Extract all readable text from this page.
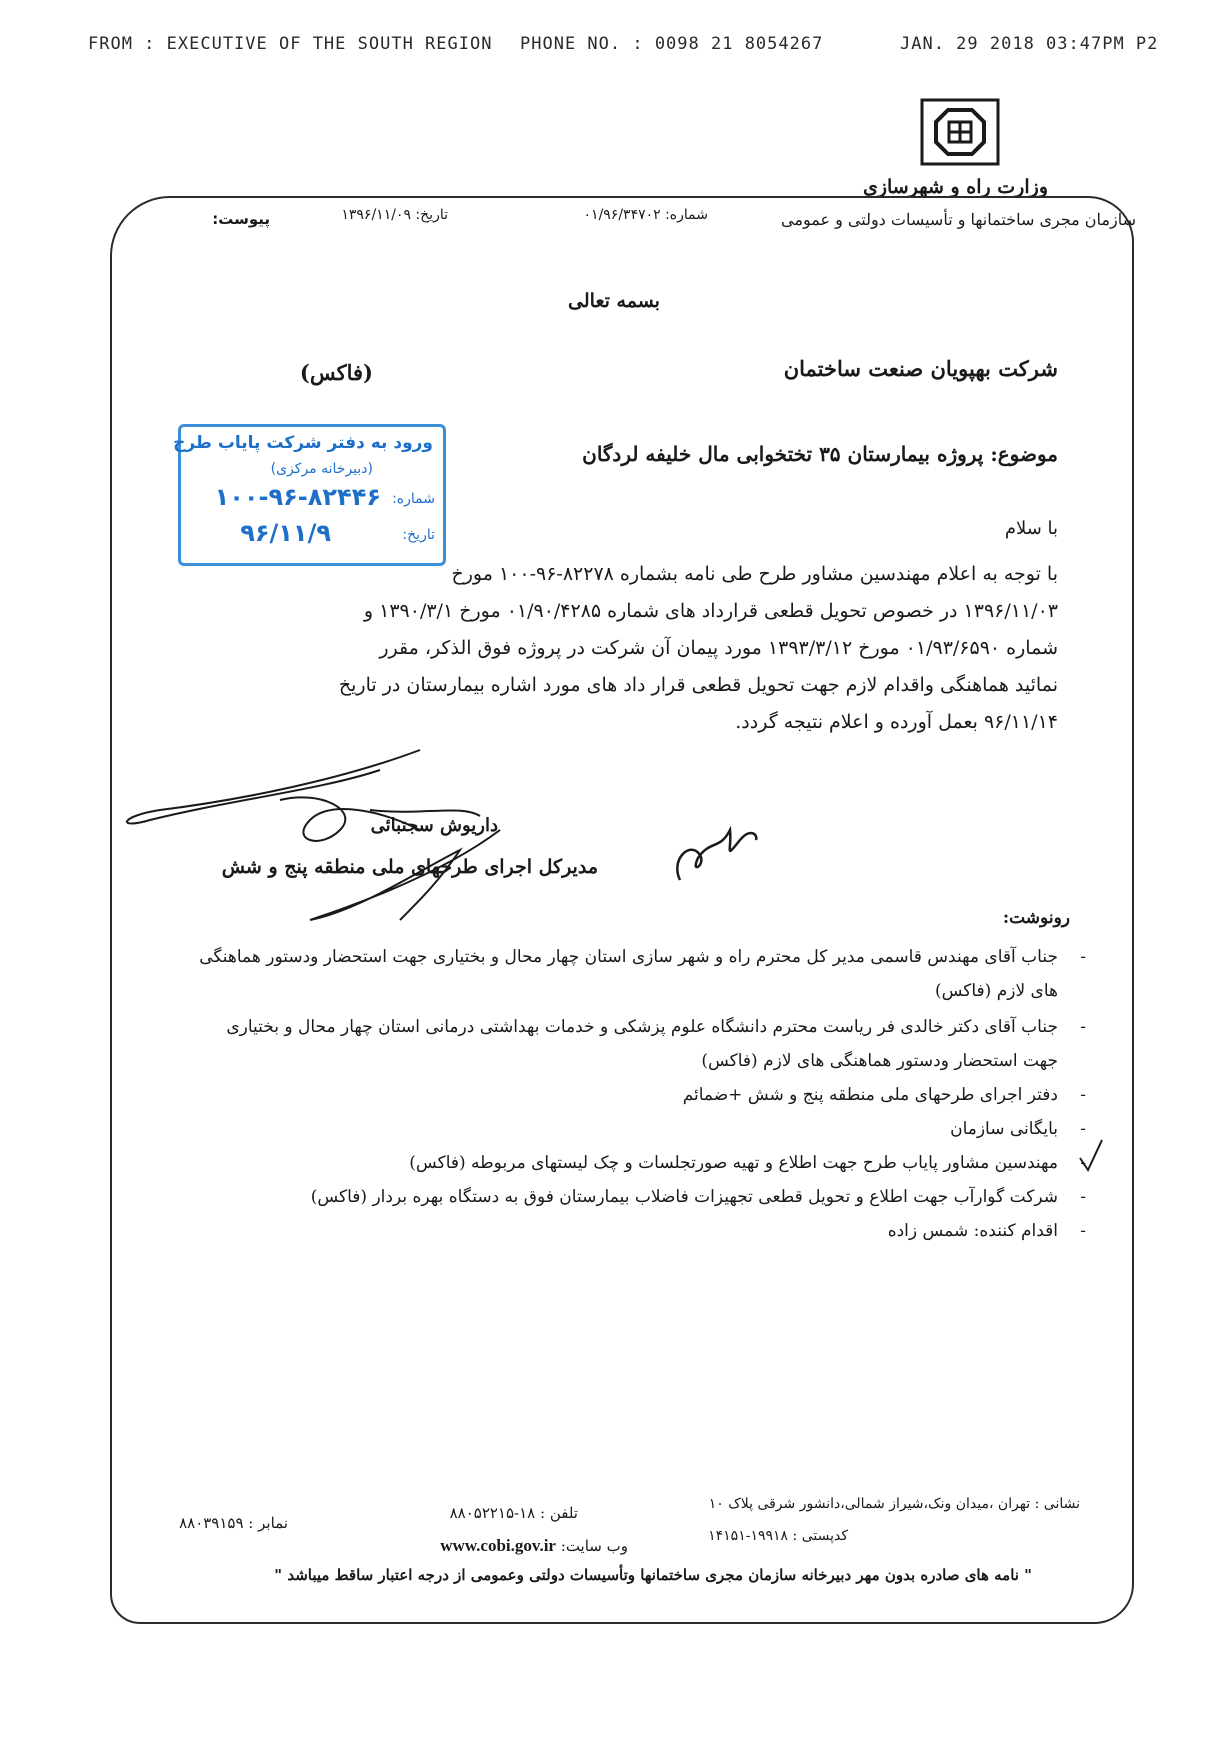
FROM : EXECUTIVE OF THE SOUTH REGION PHONE NO. : 0098 21 8054267	JAN. 29 2018 03:47PM P2
وزارت راه و شهرسازی
سازمان مجری ساختمانها و تأسیسات دولتی و عمومی
شماره: ۰۱/۹۶/۳۴۷۰۲
تاریخ: ۱۳۹۶/۱۱/۰۹
پیوست:
بسمه تعالی
شرکت بهپویان صنعت ساختمان
(فاکس)
موضوع: پروژه بیمارستان ۳۵ تختخوابی مال خلیفه لردگان
با سلام
با توجه به اعلام مهندسین مشاور طرح طی نامه بشماره ۸۲۲۷۸-۹۶-۱۰۰ مورخ
۱۳۹۶/۱۱/۰۳ در خصوص تحویل قطعی قرارداد های شماره ۰۱/۹۰/۴۲۸۵ مورخ ۱۳۹۰/۳/۱ و
شماره ۰۱/۹۳/۶۵۹۰ مورخ ۱۳۹۳/۳/۱۲ مورد پیمان آن شرکت در پروژه فوق الذکر، مقرر
نمائید هماهنگی واقدام لازم جهت تحویل قطعی قرار داد های مورد اشاره بیمارستان در تاریخ
۹۶/۱۱/۱۴ بعمل آورده و اعلام نتیجه گردد.
ورود به دفتر شرکت پایاب طرح
(دبیرخانه مرکزی)
شماره:
۱۰۰-۹۶-۸۲۴۴۶
تاریخ:
۹۶/۱۱/۹
داریوش سجتبائی
مدیرکل اجرای طرحهای ملی منطقه پنج و شش
رونوشت:
-
جناب آقای مهندس قاسمی مدیر کل محترم راه و شهر سازی استان چهار محال و بختیاری جهت استحضار ودستور هماهنگی های لازم (فاکس)
-
جناب آقای دکتر خالدی فر ریاست محترم دانشگاه علوم پزشکی و خدمات بهداشتی درمانی استان چهار محال و بختیاری جهت استحضار ودستور هماهنگی های لازم (فاکس)
-
دفتر اجرای طرحهای ملی منطقه پنج و شش +ضمائم
-
بایگانی سازمان
-
مهندسین مشاور پایاب طرح جهت اطلاع و تهیه صورتجلسات و چک لیستهای مربوطه (فاکس)
-
شرکت گوارآب جهت اطلاع و تحویل قطعی تجهیزات فاضلاب بیمارستان فوق به دستگاه بهره بردار (فاکس)
-
اقدام کننده: شمس زاده
نشانی : تهران ،میدان ونک،شیراز شمالی،دانشور شرقی پلاک ۱۰
کدپستی : ۱۹۹۱۸-۱۴۱۵۱
تلفن : ۱۸-۸۸۰۵۲۲۱۵
وب سایت: www.cobi.gov.ir
نمابر : ۸۸۰۳۹۱۵۹
" نامه های صادره بدون مهر دبیرخانه سازمان مجری ساختمانها وتأسیسات دولتی وعمومی از درجه اعتبار ساقط میباشد "
